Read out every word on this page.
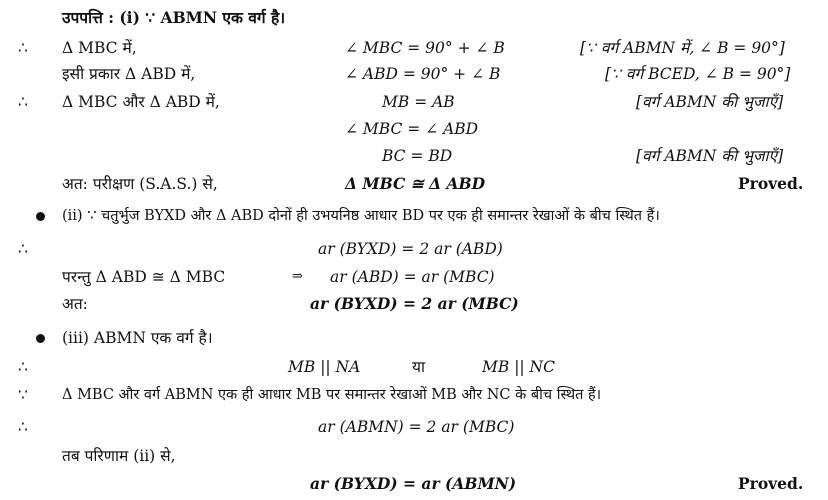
उपपत्ति : (i) ∵ ABMN एक वर्ग है।
∴ Δ MBC में,	∠ MBC = 90° + ∠ B	[∵ वर्ग ABMN में, ∠ B = 90°]
इसी प्रकार Δ ABD में,	∠ ABD = 90° + ∠ B	[∵ वर्ग BCED, ∠ B = 90°]
∴ Δ MBC और Δ ABD में,	MB = AB	[वर्ग ABMN की भुजाएँ]
∠ MBC = ∠ ABD
BC = BD	[वर्ग ABMN की भुजाएँ]
अत: परीक्षण (S.A.S.) से,	Δ MBC ≅ Δ ABD	Proved.
(ii) ∵ चतुर्भुज BYXD और Δ ABD दोनों ही उभयनिष्ठ आधार BD पर एक ही समान्तर रेखाओं के बीच स्थित हैं।
∴	ar (BYXD) = 2 ar (ABD)
परन्तु Δ ABD ≅ Δ MBC	⇒ ar (ABD) = ar (MBC)
अत:	ar (BYXD) = 2 ar (MBC)
(iii) ABMN एक वर्ग है।
∴	MB || NA	या	MB || NC
∵ Δ MBC और वर्ग ABMN एक ही आधार MB पर समान्तर रेखाओं MB और NC के बीच स्थित हैं।
∴	ar (ABMN) = 2 ar (MBC)
तब परिणाम (ii) से,
ar (BYXD) = ar (ABMN)	Proved.
